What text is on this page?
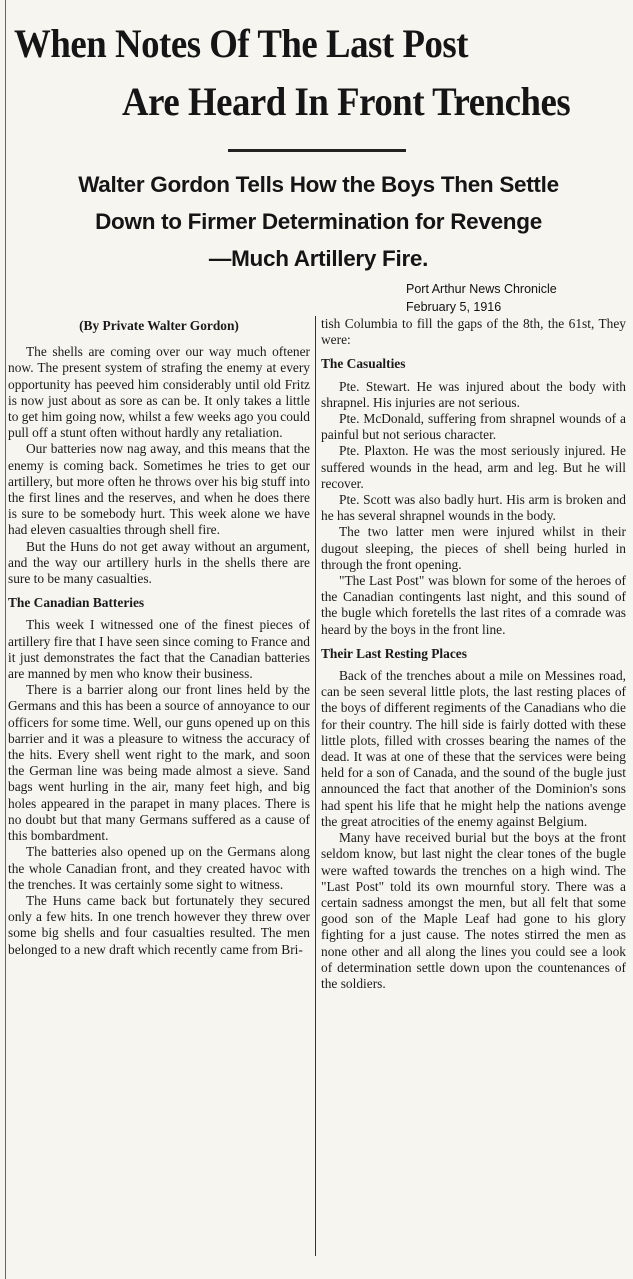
When Notes Of The Last Post
Are Heard In Front Trenches
Walter Gordon Tells How the Boys Then Settle
Down to Firmer Determination for Revenge
—Much Artillery Fire.
Port Arthur News Chronicle
February 5, 1916

(By Private Walter Gordon)

The shells are coming over our way much oftener now. The present system of strafing the enemy at every opportunity has peeved him considerably until old Fritz is now just about as sore as can be. It only takes a little to get him going now, whilst a few weeks ago you could pull off a stunt often without hardly any retaliation.

Our batteries now nag away, and this means that the enemy is coming back. Sometimes he tries to get our artillery, but more often he throws over his big stuff into the first lines and the reserves, and when he does there is sure to be somebody hurt. This week alone we have had eleven casualties through shell fire.

But the Huns do not get away without an argument, and the way our artillery hurls in the shells there are sure to be many casualties.

The Canadian Batteries

This week I witnessed one of the finest pieces of artillery fire that I have seen since coming to France and it just demonstrates the fact that the Canadian batteries are manned by men who know their business.

There is a barrier along our front lines held by the Germans and this has been a source of annoyance to our officers for some time. Well, our guns opened up on this barrier and it was a pleasure to witness the accuracy of the hits. Every shell went right to the mark, and soon the German line was being made almost a sieve. Sand bags went hurling in the air, many feet high, and big holes appeared in the parapet in many places. There is no doubt but that many Germans suffered as a cause of this bombardment.

The batteries also opened up on the Germans along the whole Canadian front, and they created havoc with the trenches. It was certainly some sight to witness.

The Huns came back but fortunately they secured only a few hits. In one trench however they threw over some big shells and four casualties resulted. The men belonged to a new draft which recently came from Bri-

tish Columbia to fill the gaps of the 8th, the 61st, They were:

The Casualties

Pte. Stewart. He was injured about the body with shrapnel. His injuries are not serious.

Pte. McDonald, suffering from shrapnel wounds of a painful but not serious character.

Pte. Plaxton. He was the most seriously injured. He suffered wounds in the head, arm and leg. But he will recover.

Pte. Scott was also badly hurt. His arm is broken and he has several shrapnel wounds in the body.

The two latter men were injured whilst in their dugout sleeping, the pieces of shell being hurled in through the front opening.

"The Last Post" was blown for some of the heroes of the Canadian contingents last night, and this sound of the bugle which foretells the last rites of a comrade was heard by the boys in the front line.

Their Last Resting Places

Back of the trenches about a mile on Messines road, can be seen several little plots, the last resting places of the boys of different regiments of the Canadians who die for their country. The hill side is fairly dotted with these little plots, filled with crosses bearing the names of the dead. It was at one of these that the services were being held for a son of Canada, and the sound of the bugle just announced the fact that another of the Dominion's sons had spent his life that he might help the nations avenge the great atrocities of the enemy against Belgium.

Many have received burial but the boys at the front seldom know, but last night the clear tones of the bugle were wafted towards the trenches on a high wind. The "Last Post" told its own mournful story. There was a certain sadness amongst the men, but all felt that some good son of the Maple Leaf had gone to his glory fighting for a just cause. The notes stirred the men as none other and all along the lines you could see a look of determination settle down upon the countenances of the soldiers.
